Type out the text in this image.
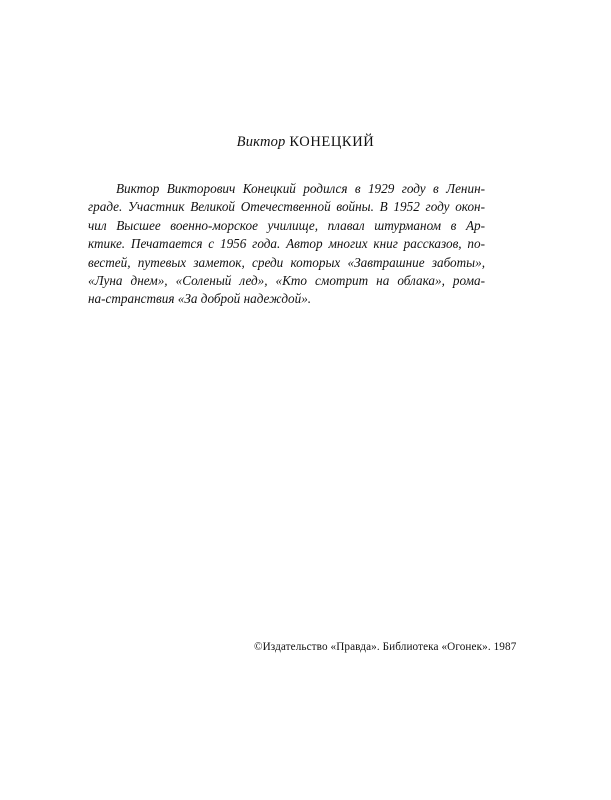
Виктор КОНЕЦКИЙ
Виктор Викторович Конецкий родился в 1929 году в Ленин-
граде. Участник Великой Отечественной войны. В 1952 году окон-
чил Высшее военно-морское училище, плавал штурманом в Ар-
ктике. Печатается с 1956 года. Автор многих книг рассказов, по-
вестей, путевых заметок, среди которых «Завтрашние заботы»,
«Луна днем», «Соленый лед», «Кто смотрит на облака», рома-
на-странствия «За доброй надеждой».
©Издательство «Правда». Библиотека «Огонек». 1987
